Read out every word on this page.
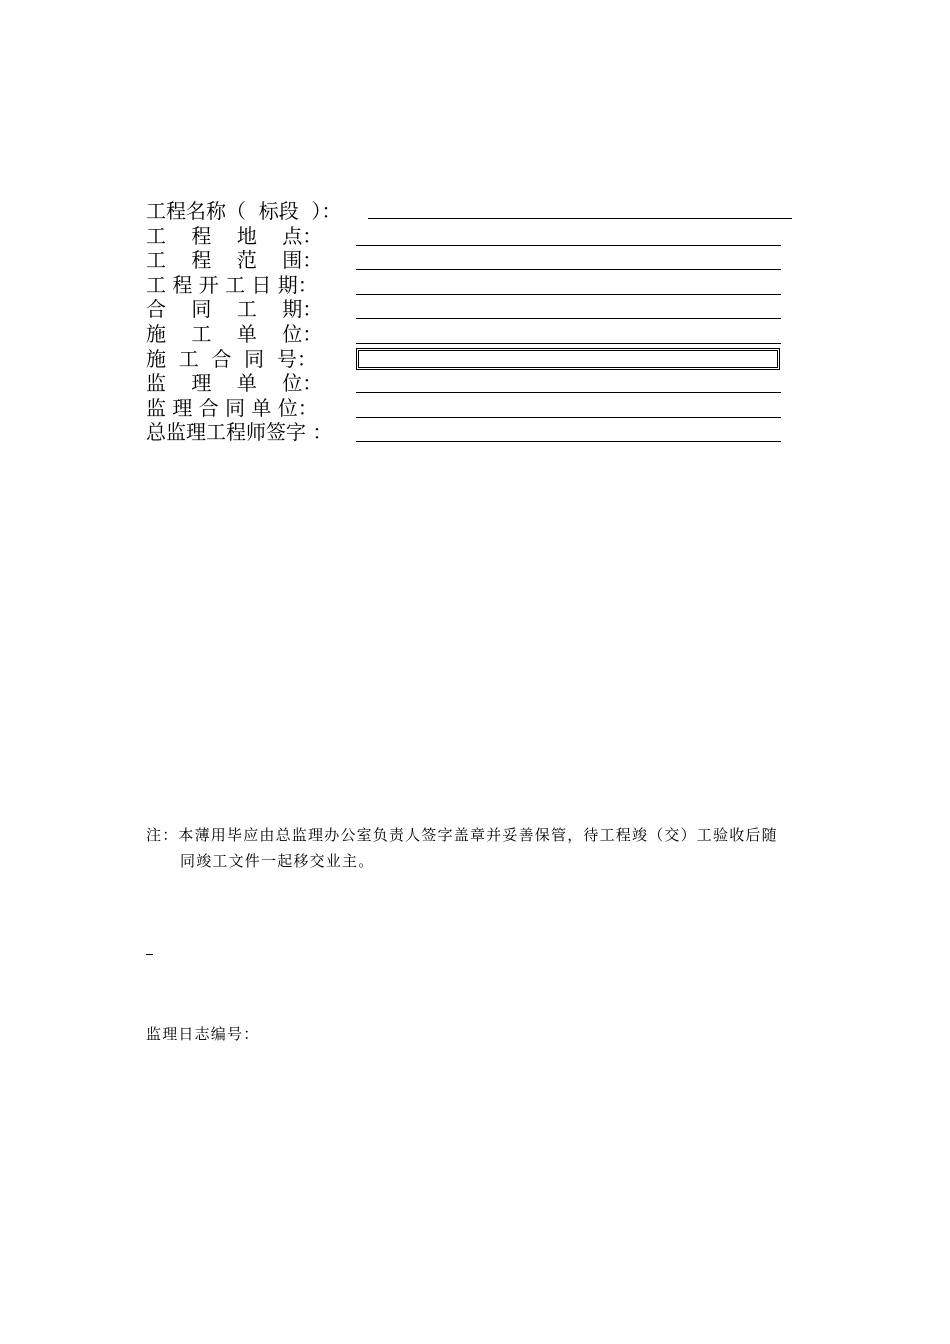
工程名称（  标段  ）：
工    程    地    点：
工    程    范    围：
工 程 开 工 日 期：
合    同    工    期：
施    工    单    位：
施  工  合  同  号：
监    理    单    位：
监 理 合 同 单 位：
总监理工程师签字 ：
注：本薄用毕应由总监理办公室负责人签字盖章并妥善保管，待工程竣（交）工验收后随
同竣工文件一起移交业主。
监理日志编号：
